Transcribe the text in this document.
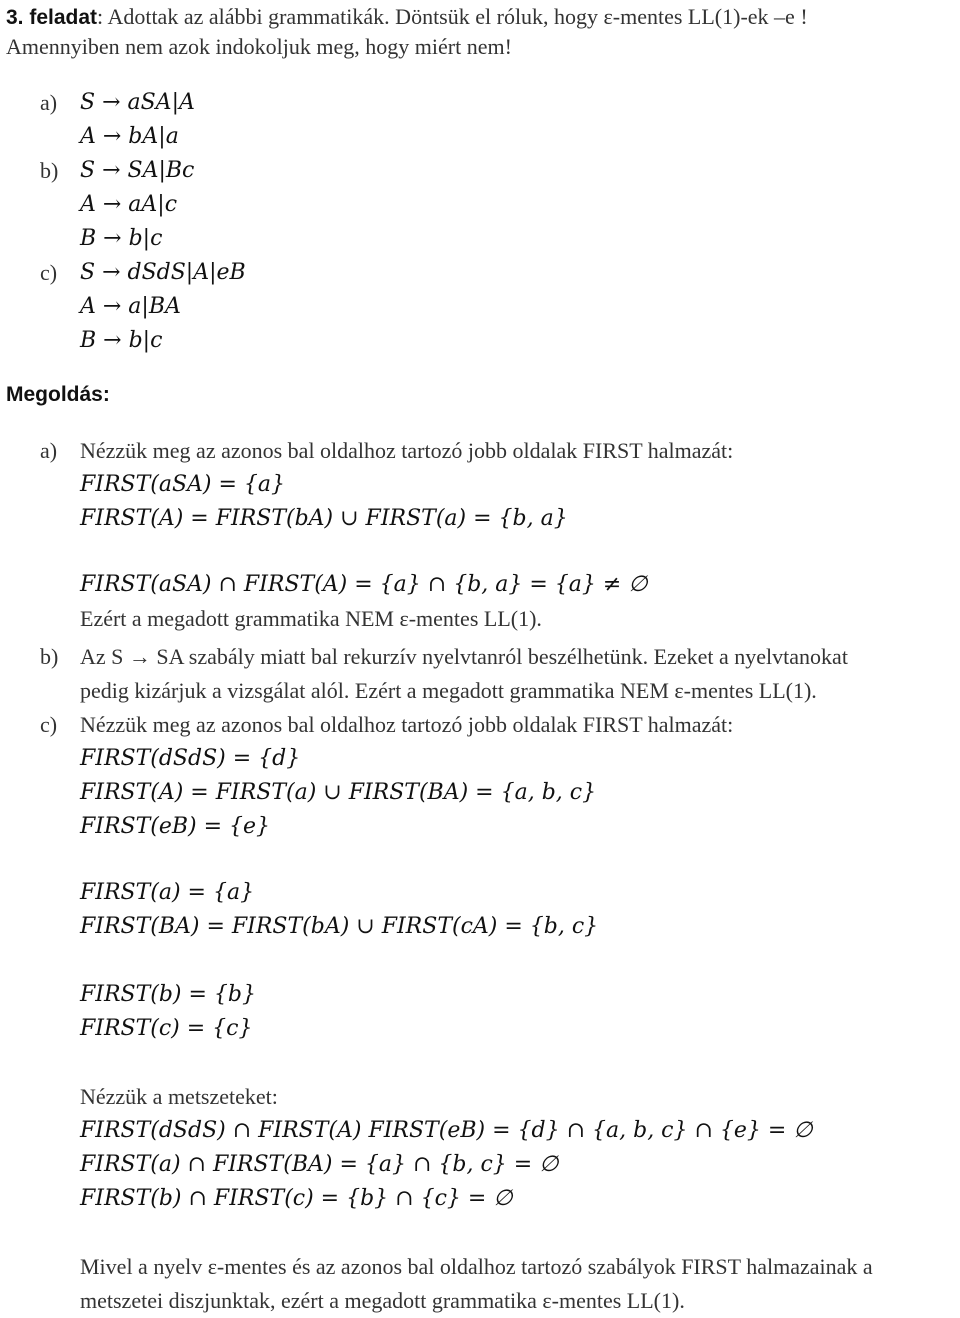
3. feladat: Adottak az alábbi grammatikák. Döntsük el róluk, hogy ε-mentes LL(1)-ek –e !
Amennyiben nem azok indokoljuk meg, hogy miért nem!
a) S → aSA|A
A → bA|a
b) S → SA|Bc
A → aA|c
B → b|c
c) S → dSdS|A|eB
A → a|BA
B → b|c
Megoldás:
a) Nézzük meg az azonos bal oldalhoz tartozó jobb oldalak FIRST halmazát:
FIRST(aSA) = {a}
FIRST(A) = FIRST(bA) ∪ FIRST(a) = {b, a}
FIRST(aSA) ∩ FIRST(A) = {a} ∩ {b, a} = {a} ≠ ∅
Ezért a megadott grammatika NEM ε-mentes LL(1).
b) Az S → SA szabály miatt bal rekurzív nyelvtanról beszélhetünk. Ezeket a nyelvtanokat
pedig kizárjuk a vizsgálat alól. Ezért a megadott grammatika NEM ε-mentes LL(1).
c) Nézzük meg az azonos bal oldalhoz tartozó jobb oldalak FIRST halmazát:
FIRST(dSdS) = {d}
FIRST(A) = FIRST(a) ∪ FIRST(BA) = {a, b, c}
FIRST(eB) = {e}
FIRST(a) = {a}
FIRST(BA) = FIRST(bA) ∪ FIRST(cA) = {b, c}
FIRST(b) = {b}
FIRST(c) = {c}
Nézzük a metszeteket:
FIRST(dSdS) ∩ FIRST(A) FIRST(eB) = {d} ∩ {a, b, c} ∩ {e} = ∅
FIRST(a) ∩ FIRST(BA) = {a} ∩ {b, c} = ∅
FIRST(b) ∩ FIRST(c) = {b} ∩ {c} = ∅
Mivel a nyelv ε-mentes és az azonos bal oldalhoz tartozó szabályok FIRST halmazainak a
metszetei diszjunktak, ezért a megadott grammatika ε-mentes LL(1).
